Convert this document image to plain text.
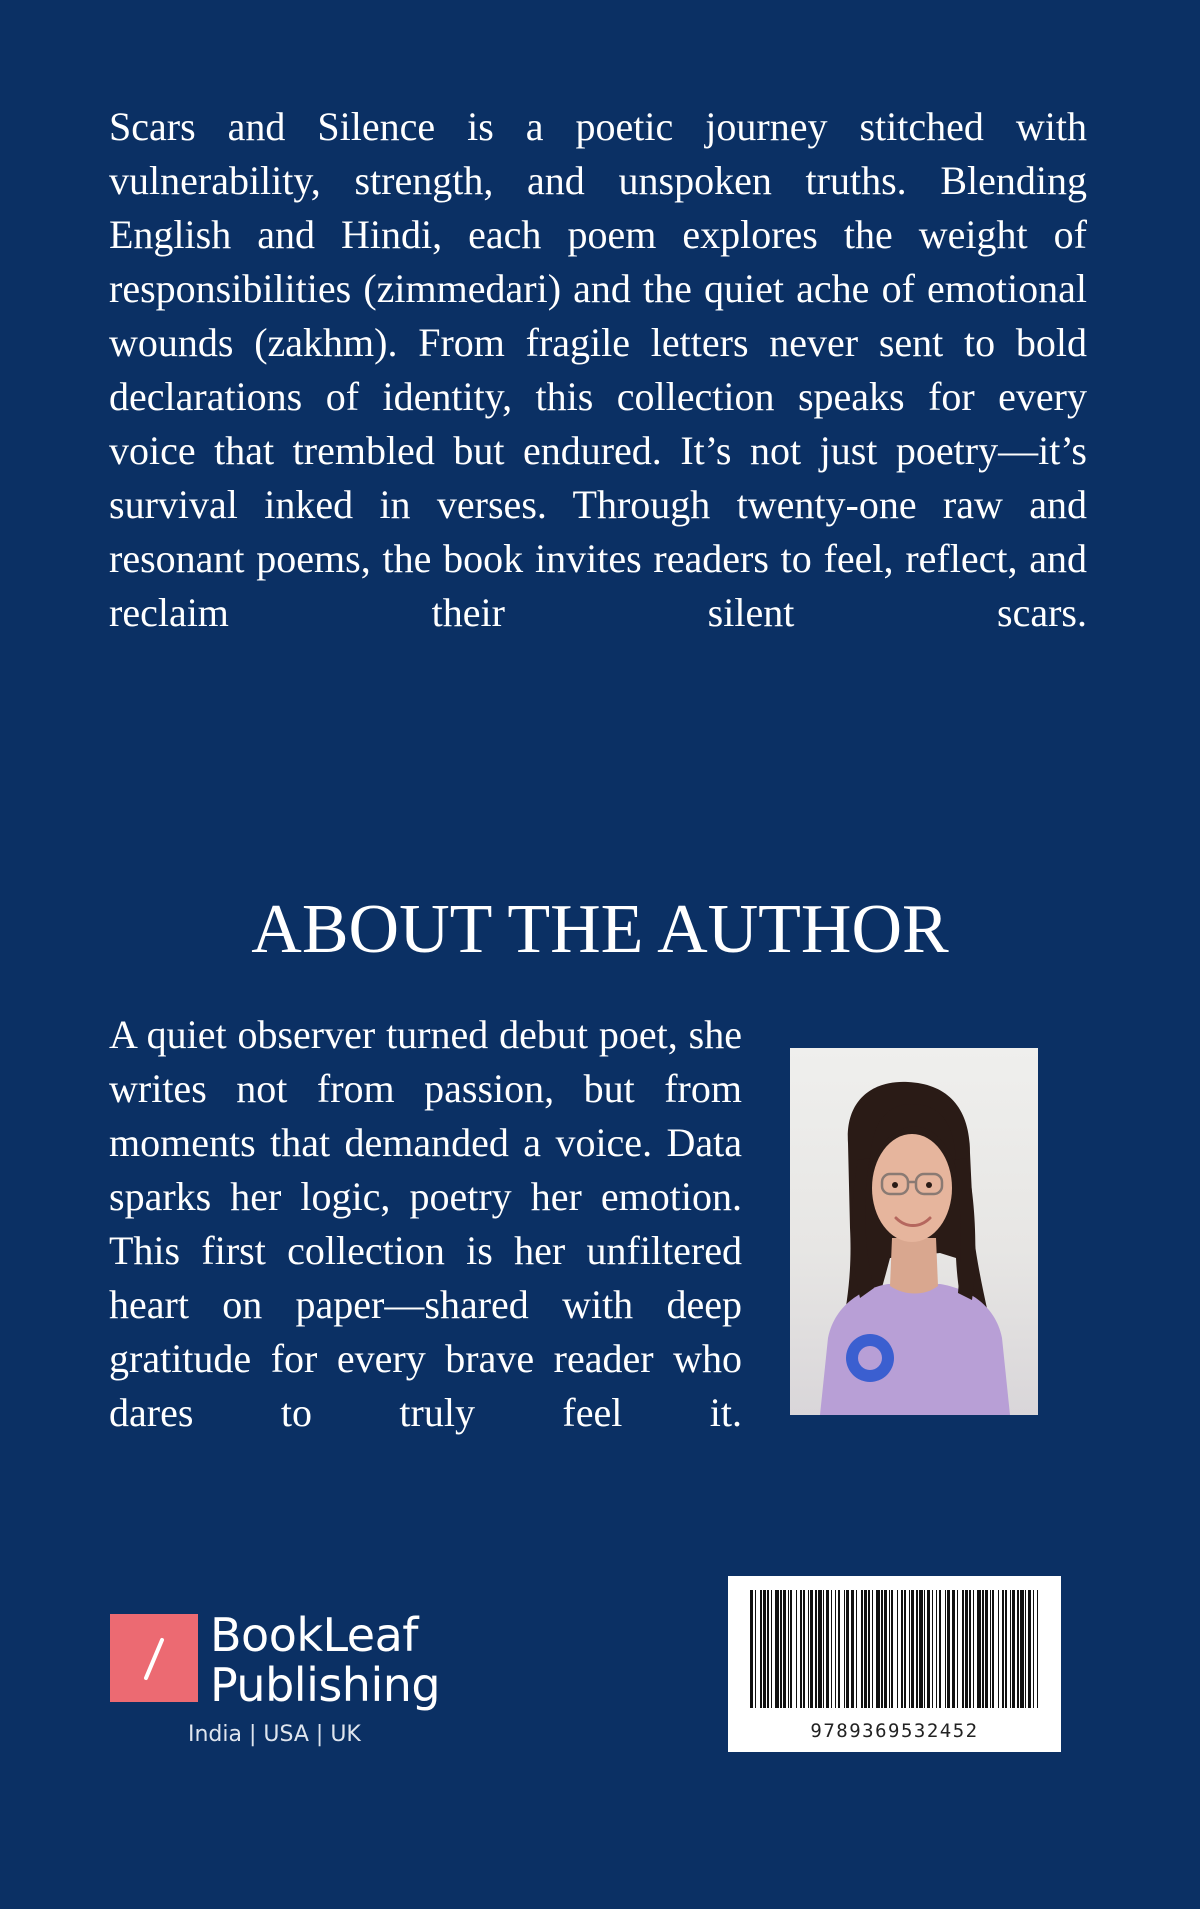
Scars and Silence is a poetic journey stitched with vulnerability, strength, and unspoken truths. Blending English and Hindi, each poem explores the weight of responsibilities (zimmedari) and the quiet ache of emotional wounds (zakhm). From fragile letters never sent to bold declarations of identity, this collection speaks for every voice that trembled but endured. It’s not just poetry—it’s survival inked in verses. Through twenty-one raw and resonant poems, the book invites readers to feel, reflect, and reclaim their silent scars.

ABOUT THE AUTHOR

A quiet observer turned debut poet, she writes not from passion, but from moments that demanded a voice. Data sparks her logic, poetry her emotion. This first collection is her unfiltered heart on paper—shared with deep gratitude for every brave reader who dares to truly feel it.

BookLeaf
Publishing
India | USA | UK	9789369532452
